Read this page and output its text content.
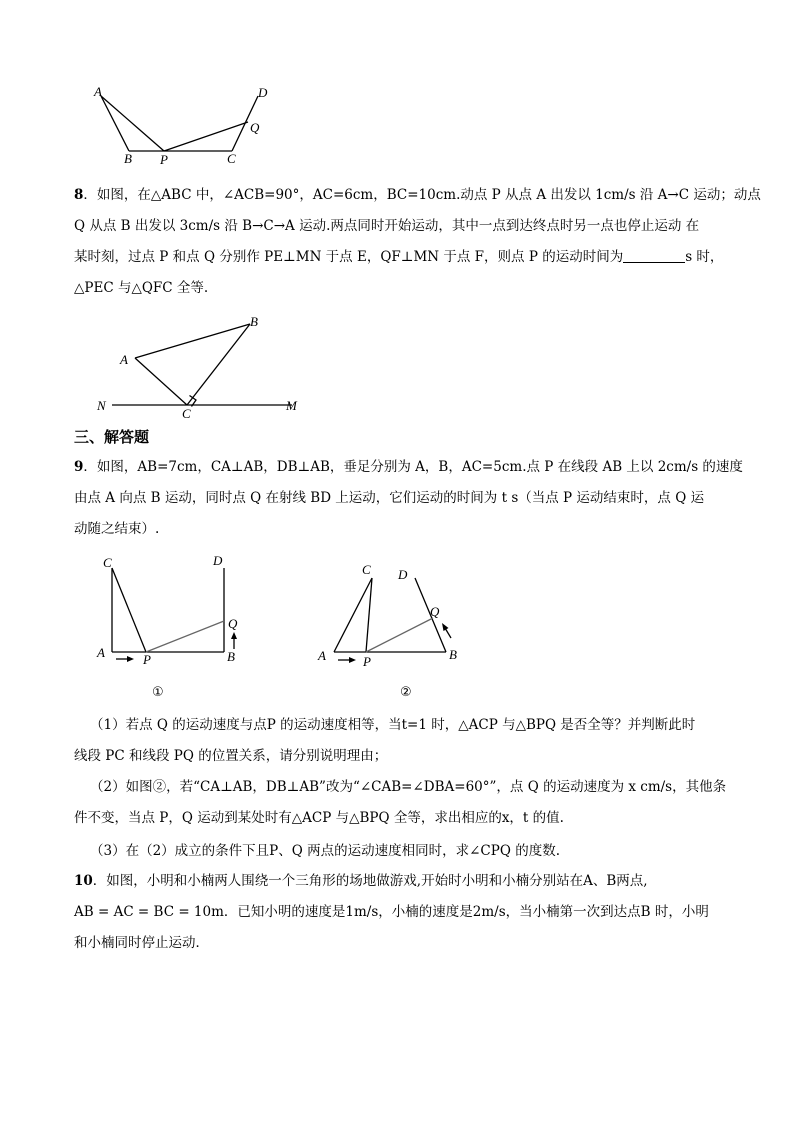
A	D
Q
B P	C
8．如图，在△ABC 中，∠ACB=90°，AC=6cm，BC=10cm.动点 P 从点 A 出发以 1cm/s 沿 A→C 运动；动点
Q 从点 B 出发以 3cm/s 沿 B→C→A 运动.两点同时开始运动，其中一点到达终点时另一点也停止运动 在
某时刻，过点 P 和点 Q 分别作 PE⊥MN 于点 E，QF⊥MN 于点 F，则点 P 的运动时间为	s 时，
△PEC 与△QFC 全等.
A
B
N
C
M
三、解答题
9．如图，AB=7cm，CA⊥AB，DB⊥AB，垂足分别为 A，B，AC=5cm.点 P 在线段 AB 上以 2cm/s 的速度
由点 A 向点 B 运动，同时点 Q 在射线 BD 上运动，它们运动的时间为 t s（当点 P 运动结束时，点 Q 运
动随之结束）.
C	D
Q
A	P	B
①
C D
Q
A	P	B
②
（1）若点 Q 的运动速度与点P 的运动速度相等，当t=1 时，△ACP 与△BPQ 是否全等？并判断此时
线段 PC 和线段 PQ 的位置关系，请分别说明理由；
（2）如图②，若“CA⊥AB，DB⊥AB”改为“∠CAB=∠DBA=60°”，点 Q 的运动速度为 x cm/s，其他条
件不变，当点 P，Q 运动到某处时有△ACP 与△BPQ 全等，求出相应的x，t 的值.
（3）在（2）成立的条件下且P、Q 两点的运动速度相同时，求∠CPQ 的度数.
10．如图，小明和小楠两人围绕一个三角形的场地做游戏,开始时小明和小楠分别站在A、B两点,
AB = AC = BC = 10m．已知小明的速度是1m/s，小楠的速度是2m/s，当小楠第一次到达点B 时，小明
和小楠同时停止运动．
